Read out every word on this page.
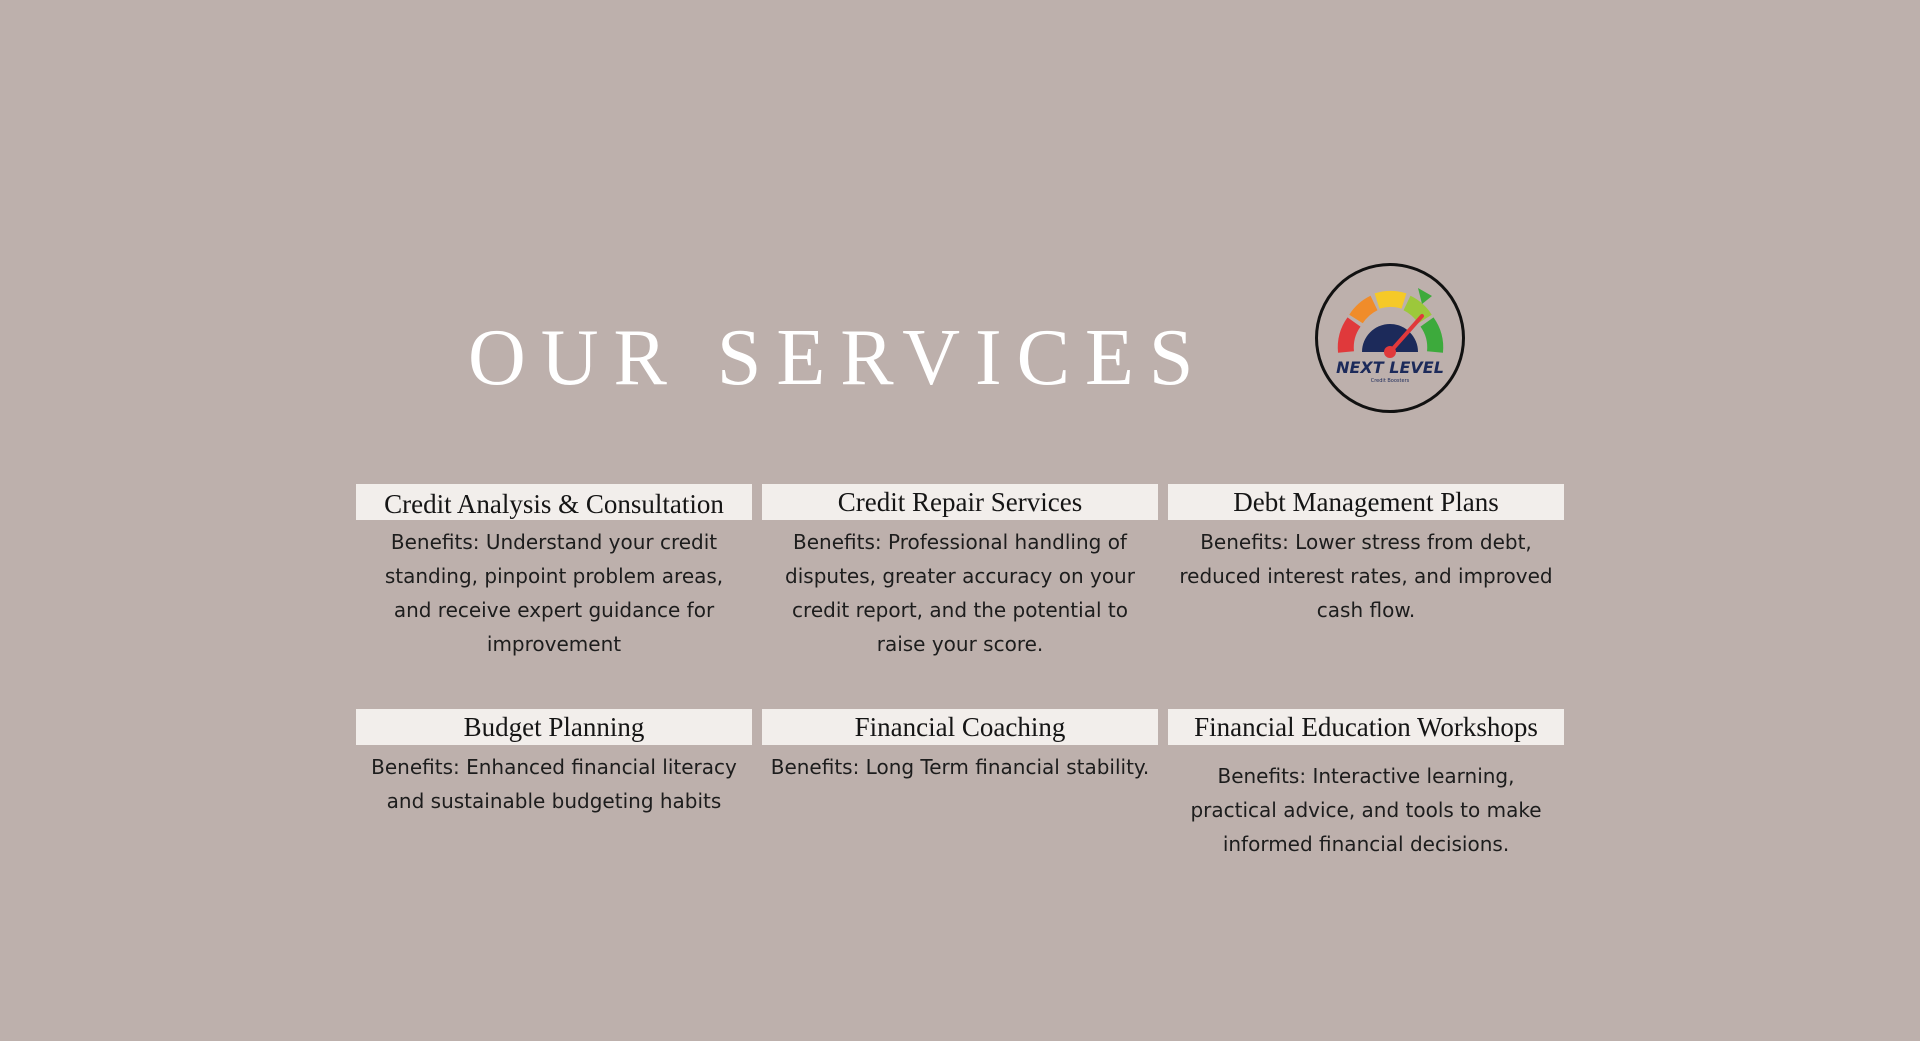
OUR SERVICES	NEXT LEVEL
Credit Boosters
Credit Analysis & Consultation
Benefits: Understand your credit standing, pinpoint problem areas, and receive expert guidance for improvement
Credit Repair Services
Benefits: Professional handling of disputes, greater accuracy on your credit report, and the potential to raise your score.
Debt Management Plans
Benefits: Lower stress from debt, reduced interest rates, and improved cash flow.
Budget Planning
Benefits: Enhanced financial literacy and sustainable budgeting habits
Financial Coaching
Benefits: Long Term financial stability.
Financial Education Workshops
Benefits: Interactive learning, practical advice, and tools to make informed financial decisions.
